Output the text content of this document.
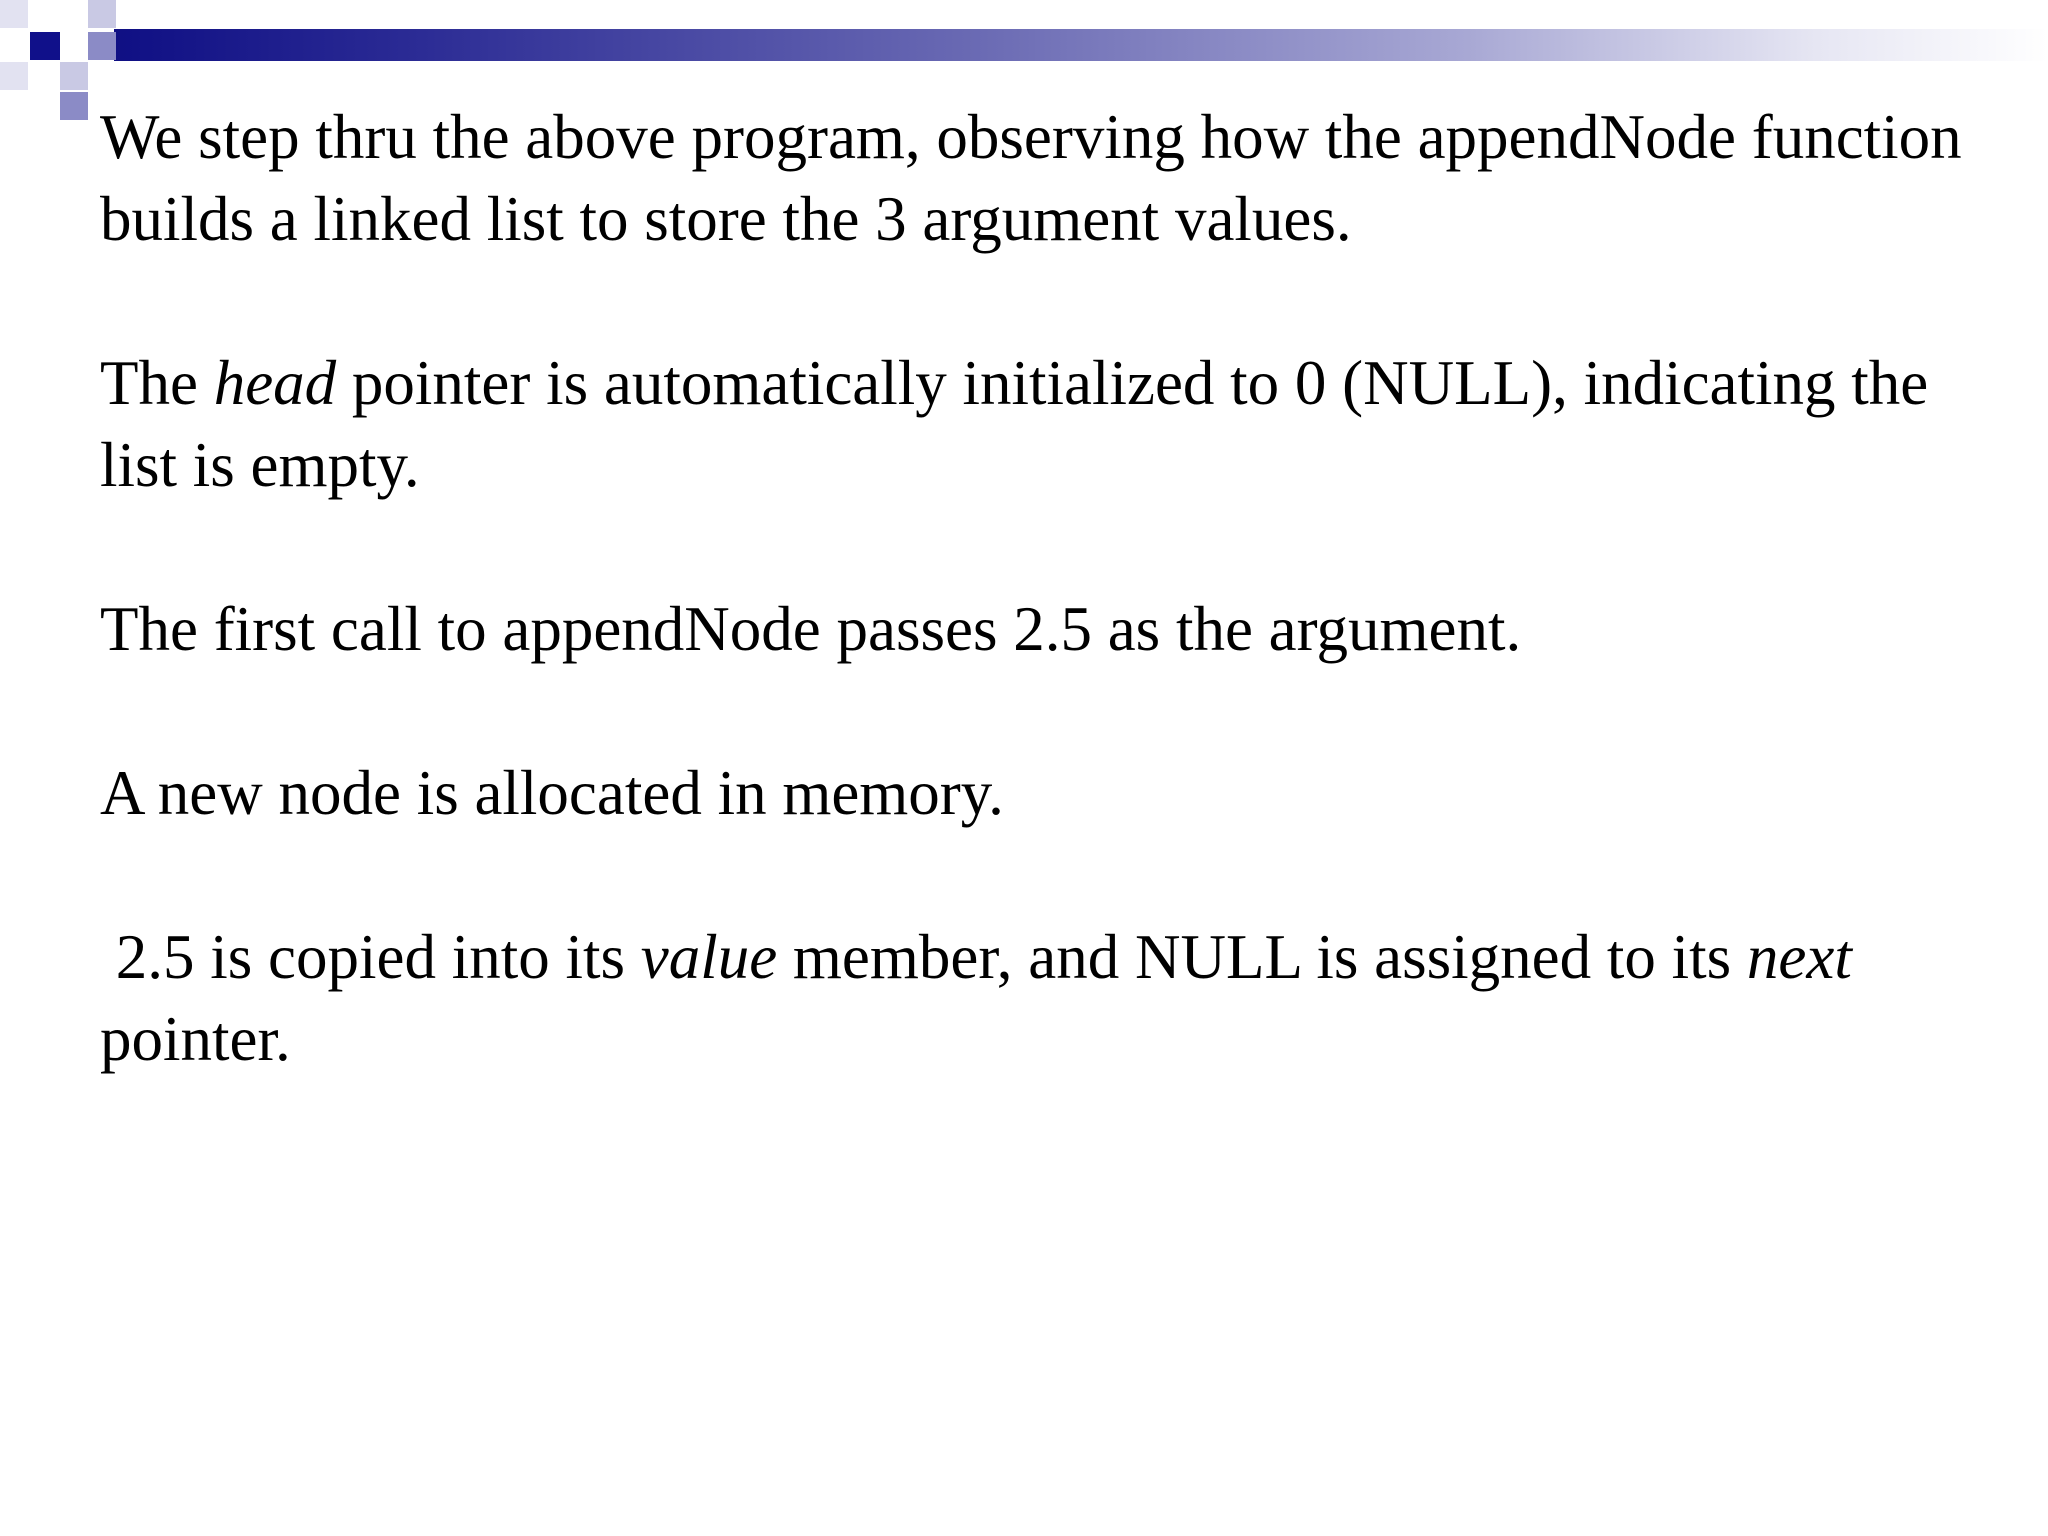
We step thru the above program, observing how the appendNode function builds a linked list to store the 3 argument values.

The head pointer is automatically initialized to 0 (NULL), indicating the list is empty.

The first call to appendNode passes 2.5 as the argument.

A new node is allocated in memory.

2.5 is copied into its value member, and NULL is assigned to its next pointer.
